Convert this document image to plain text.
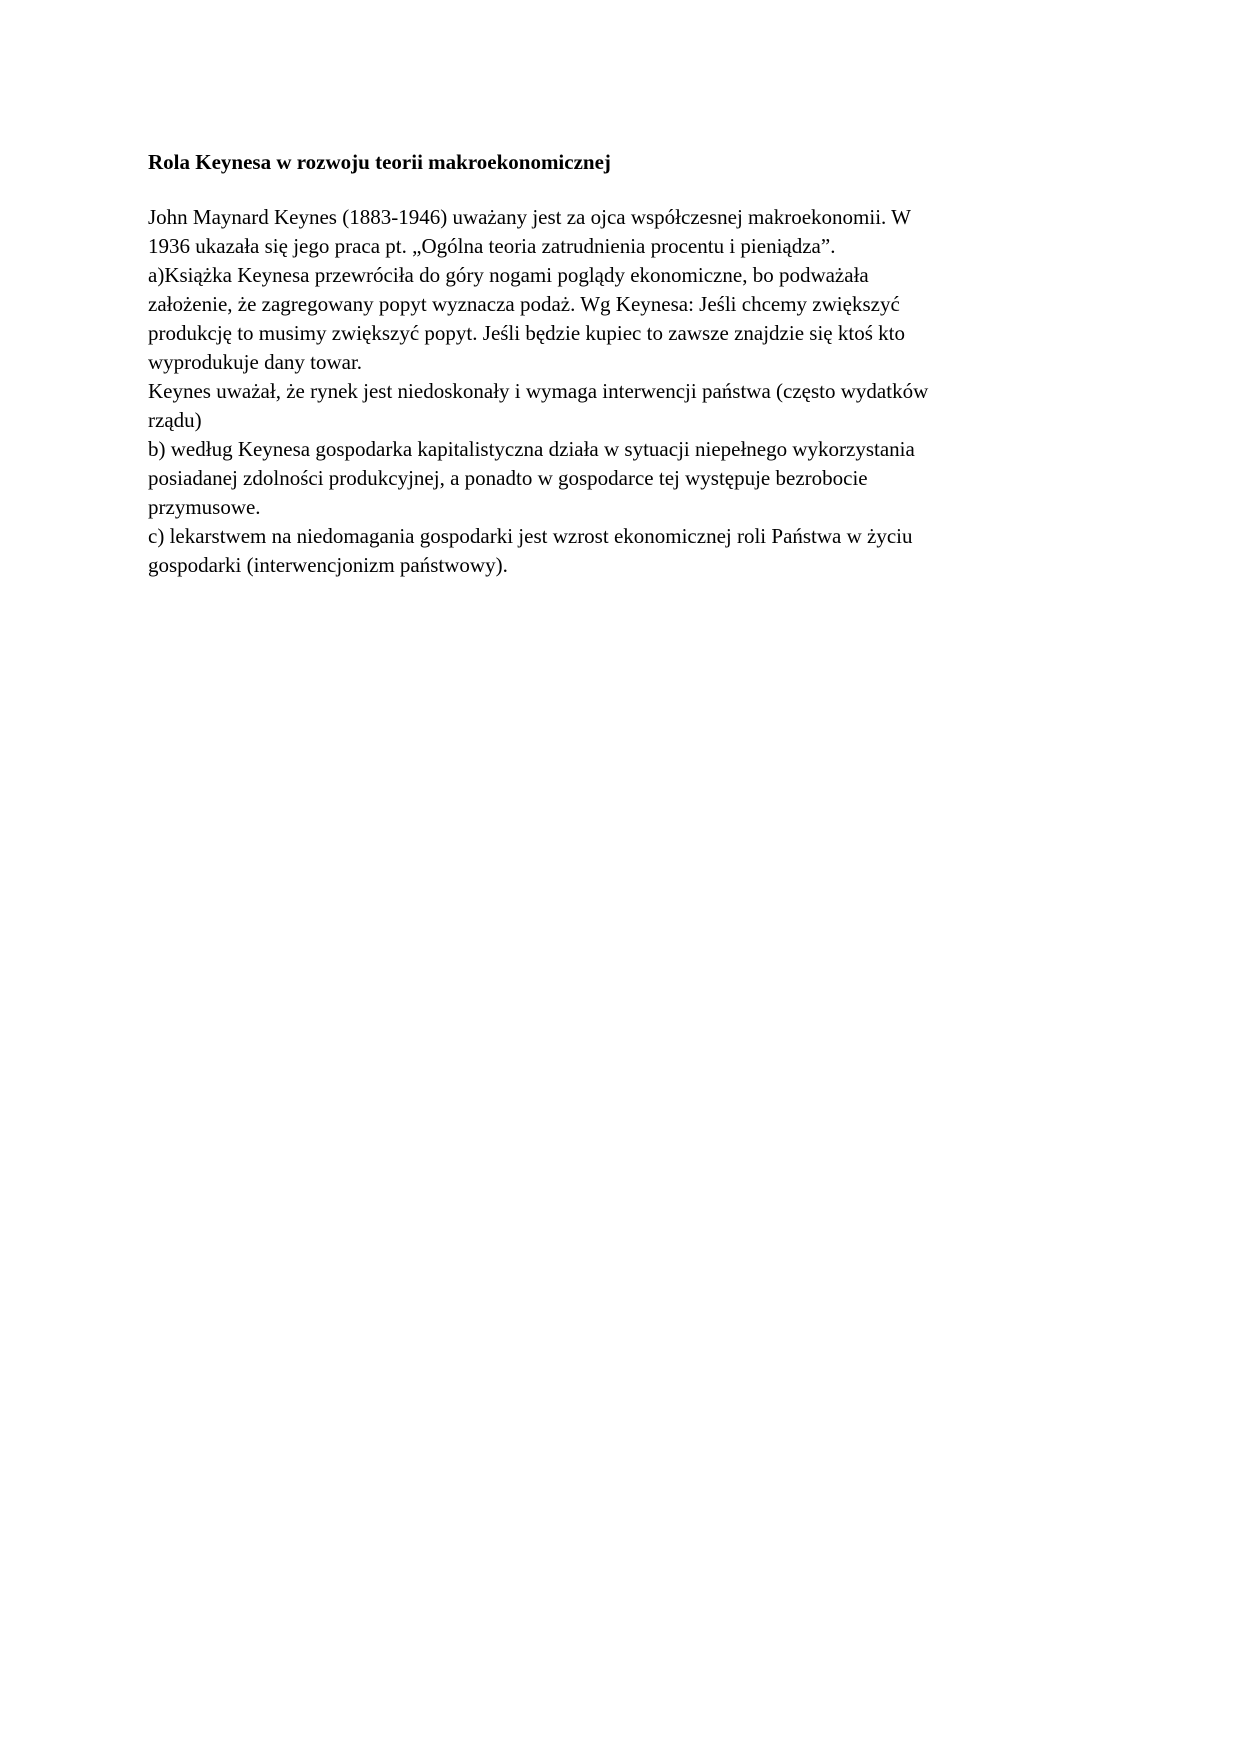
Rola Keynesa w rozwoju teorii makroekonomicznej
John Maynard Keynes (1883-1946) uważany jest za ojca współczesnej makroekonomii. W
1936 ukazała się jego praca pt. „Ogólna teoria zatrudnienia procentu i pieniądza”.
a)Książka Keynesa przewróciła do góry nogami poglądy ekonomiczne, bo podważała
założenie, że zagregowany popyt wyznacza podaż. Wg Keynesa: Jeśli chcemy zwiększyć
produkcję to musimy zwiększyć popyt. Jeśli będzie kupiec to zawsze znajdzie się ktoś kto
wyprodukuje dany towar.
Keynes uważał, że rynek jest niedoskonały i wymaga interwencji państwa (często wydatków
rządu)
b) według Keynesa gospodarka kapitalistyczna działa w sytuacji niepełnego wykorzystania
posiadanej zdolności produkcyjnej, a ponadto w gospodarce tej występuje bezrobocie
przymusowe.
c) lekarstwem na niedomagania gospodarki jest wzrost ekonomicznej roli Państwa w życiu
gospodarki (interwencjonizm państwowy).
